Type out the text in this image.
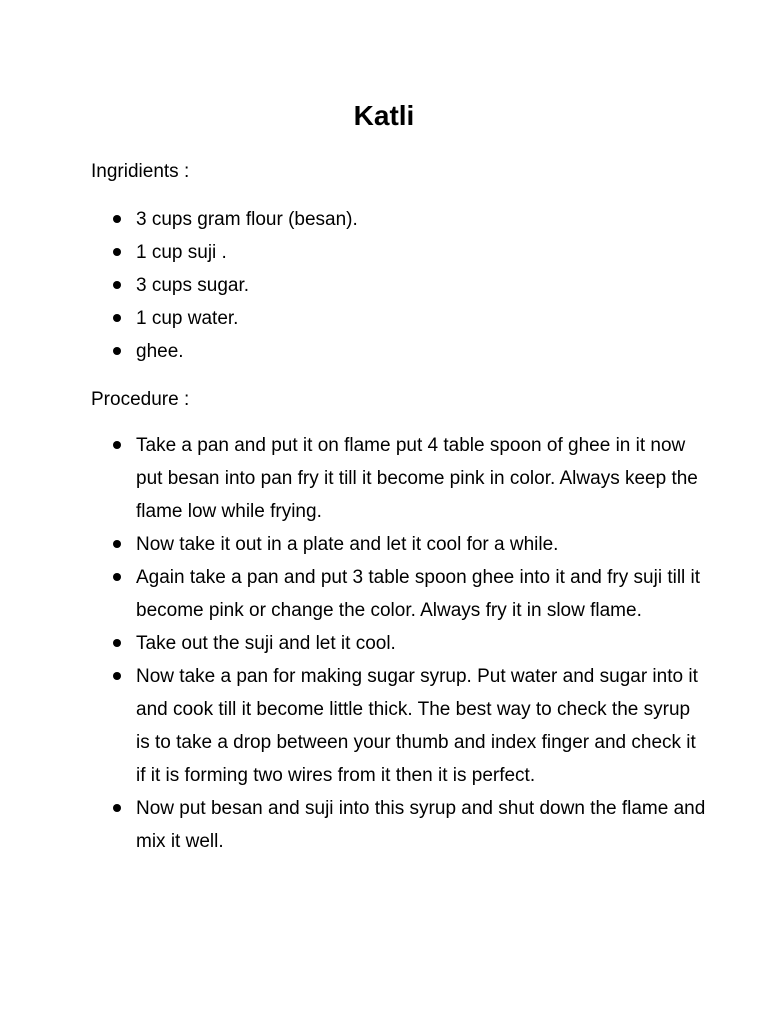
Katli

Ingridients :

3 cups gram flour (besan).
1 cup suji .
3 cups sugar.
1 cup water.
ghee.

Procedure :

Take a pan and put it on flame put 4 table spoon of ghee in it now put besan into pan fry it till it become pink in color. Always keep the flame low while frying.
Now take it out in a plate and let it cool for a while.
Again take a pan and put 3 table spoon ghee into it and fry suji till it become pink or change the color. Always fry it in slow flame.
Take out the suji and let it cool.
Now take a pan for making sugar syrup. Put water and sugar into it and cook till it become little thick. The best way to check the syrup is to take a drop between your thumb and index finger and check it if it is forming two wires from it then it is perfect.
Now put besan and suji into this syrup and shut down the flame and mix it well.
